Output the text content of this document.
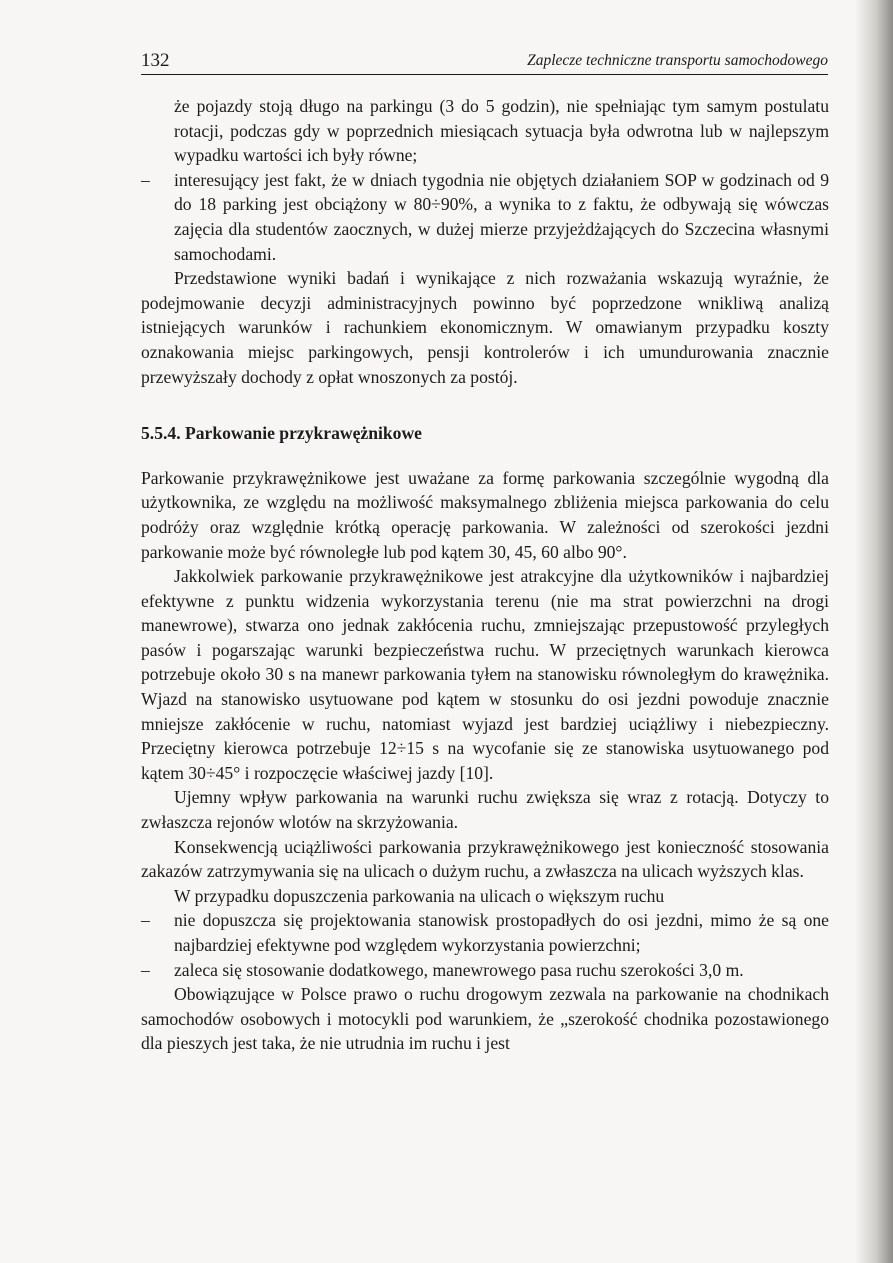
132	Zaplecze techniczne transportu samochodowego

że pojazdy stoją długo na parkingu (3 do 5 godzin), nie spełniając tym samym postulatu rotacji, podczas gdy w poprzednich miesiącach sytuacja była odwrotna lub w najlepszym wypadku wartości ich były równe;

– interesujący jest fakt, że w dniach tygodnia nie objętych działaniem SOP w godzinach od 9 do 18 parking jest obciążony w 80÷90%, a wynika to z faktu, że odbywają się wówczas zajęcia dla studentów zaocznych, w dużej mierze przyjeżdżających do Szczecina własnymi samochodami.

Przedstawione wyniki badań i wynikające z nich rozważania wskazują wyraźnie, że podejmowanie decyzji administracyjnych powinno być poprzedzone wnikliwą analizą istniejących warunków i rachunkiem ekonomicznym. W omawianym przypadku koszty oznakowania miejsc parkingowych, pensji kontrolerów i ich umundurowania znacznie przewyższały dochody z opłat wnoszonych za postój.

5.5.4. Parkowanie przykrawężnikowe

Parkowanie przykrawężnikowe jest uważane za formę parkowania szczególnie wygodną dla użytkownika, ze względu na możliwość maksymalnego zbliżenia miejsca parkowania do celu podróży oraz względnie krótką operację parkowania. W zależności od szerokości jezdni parkowanie może być równoległe lub pod kątem 30, 45, 60 albo 90°.

Jakkolwiek parkowanie przykrawężnikowe jest atrakcyjne dla użytkowników i najbardziej efektywne z punktu widzenia wykorzystania terenu (nie ma strat powierzchni na drogi manewrowe), stwarza ono jednak zakłócenia ruchu, zmniejszając przepustowość przyległych pasów i pogarszając warunki bezpieczeństwa ruchu. W przeciętnych warunkach kierowca potrzebuje około 30 s na manewr parkowania tyłem na stanowisku równoległym do krawężnika. Wjazd na stanowisko usytuowane pod kątem w stosunku do osi jezdni powoduje znacznie mniejsze zakłócenie w ruchu, natomiast wyjazd jest bardziej uciążliwy i niebezpieczny. Przeciętny kierowca potrzebuje 12÷15 s na wycofanie się ze stanowiska usytuowanego pod kątem 30÷45° i rozpoczęcie właściwej jazdy [10].

Ujemny wpływ parkowania na warunki ruchu zwiększa się wraz z rotacją. Dotyczy to zwłaszcza rejonów wlotów na skrzyżowania.

Konsekwencją uciążliwości parkowania przykrawężnikowego jest konieczność stosowania zakazów zatrzymywania się na ulicach o dużym ruchu, a zwłaszcza na ulicach wyższych klas.

W przypadku dopuszczenia parkowania na ulicach o większym ruchu

– nie dopuszcza się projektowania stanowisk prostopadłych do osi jezdni, mimo że są one najbardziej efektywne pod względem wykorzystania powierzchni;

– zaleca się stosowanie dodatkowego, manewrowego pasa ruchu szerokości 3,0 m.

Obowiązujące w Polsce prawo o ruchu drogowym zezwala na parkowanie na chodnikach samochodów osobowych i motocykli pod warunkiem, że „szerokość chodnika pozostawionego dla pieszych jest taka, że nie utrudnia im ruchu i jest
